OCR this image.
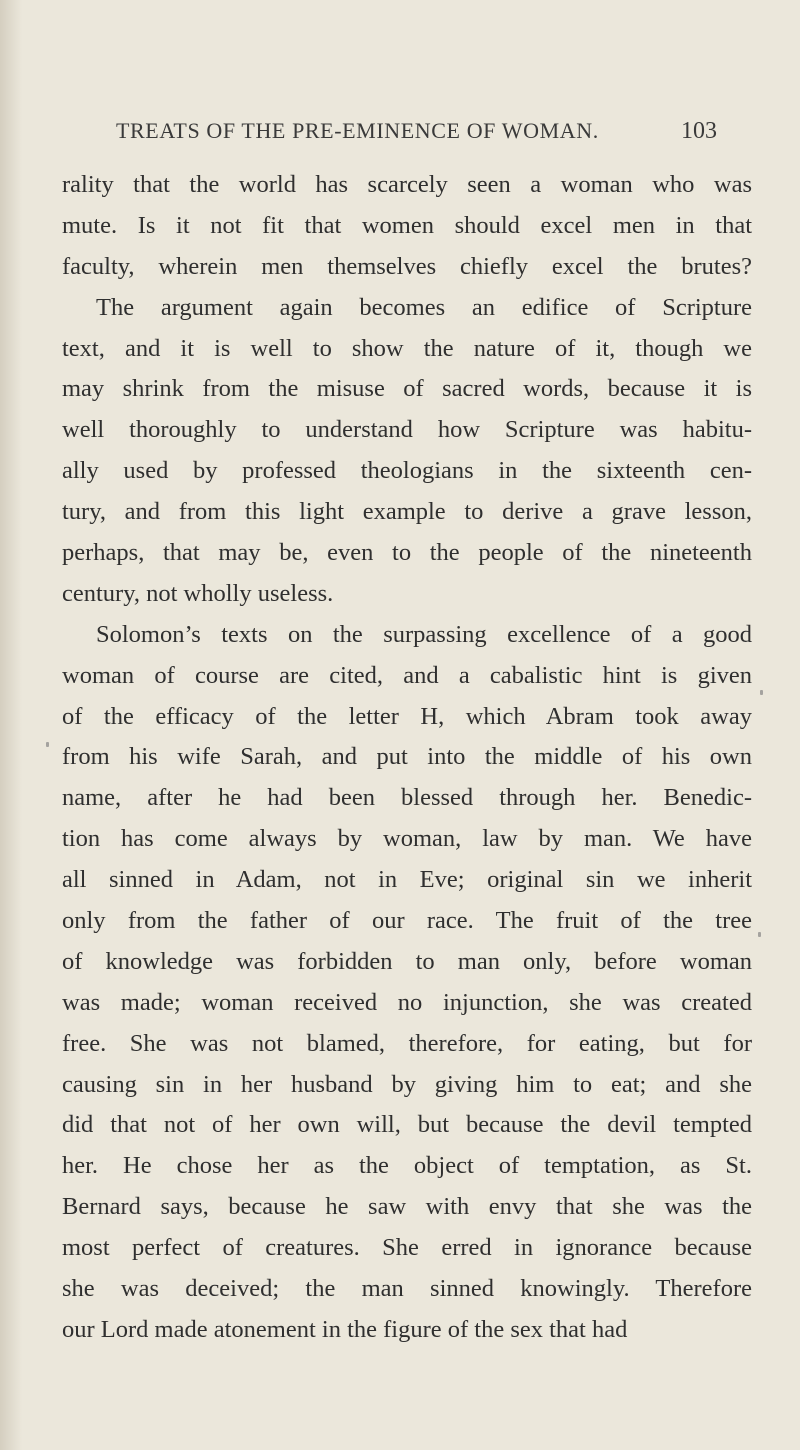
TREATS OF THE PRE-EMINENCE OF WOMAN.	103
rality that the world has scarcely seen a woman who was
mute. Is it not fit that women should excel men in that
faculty, wherein men themselves chiefly excel the brutes?
The argument again becomes an edifice of Scripture
text, and it is well to show the nature of it, though we
may shrink from the misuse of sacred words, because it is
well thoroughly to understand how Scripture was habitu-
ally used by professed theologians in the sixteenth cen-
tury, and from this light example to derive a grave lesson,
perhaps, that may be, even to the people of the nineteenth
century, not wholly useless.
Solomon’s texts on the surpassing excellence of a good
woman of course are cited, and a cabalistic hint is given
of the efficacy of the letter H, which Abram took away
from his wife Sarah, and put into the middle of his own
name, after he had been blessed through her. Benedic-
tion has come always by woman, law by man. We have
all sinned in Adam, not in Eve; original sin we inherit
only from the father of our race. The fruit of the tree
of knowledge was forbidden to man only, before woman
was made; woman received no injunction, she was created
free. She was not blamed, therefore, for eating, but for
causing sin in her husband by giving him to eat; and she
did that not of her own will, but because the devil tempted
her. He chose her as the object of temptation, as St.
Bernard says, because he saw with envy that she was the
most perfect of creatures. She erred in ignorance because
she was deceived; the man sinned knowingly. Therefore
our Lord made atonement in the figure of the sex that had
